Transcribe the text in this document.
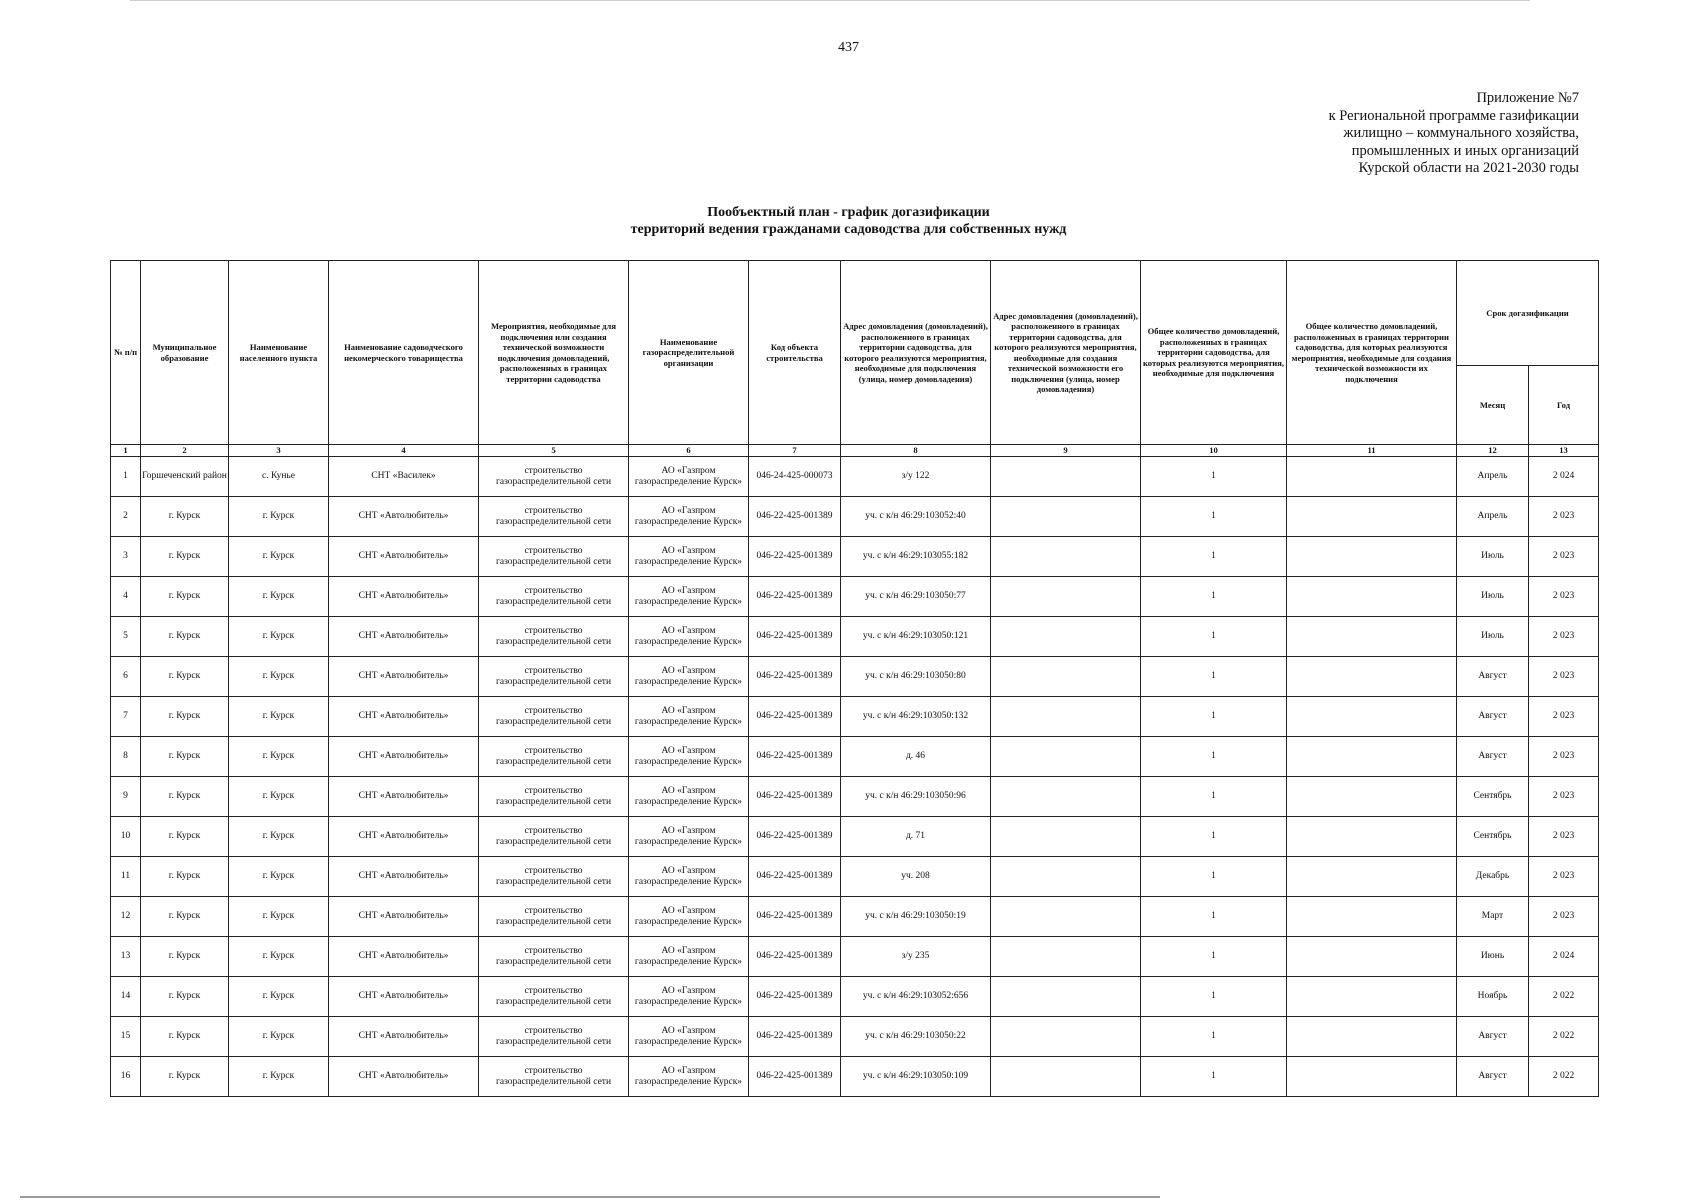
437
Приложение №7
к Региональной программе газификации
жилищно – коммунального хозяйства,
промышленных и иных организаций
Курской области на 2021-2030 годы
Пообъектный план - график догазификации
территорий ведения гражданами садоводства для собственных нужд
№ п/п	Муниципальное образование	Наименование населенного пункта	Наименование садоводческого некомерческого товарищества	Мероприятия, необходимые для подключения или создания технической возможности подключения домовладений, расположенных в границах территории садоводства	Наименование газораспределительной организации	Код объекта строительства	Адрес домовладения (домовладений), расположенного в границах территории садоводства, для которого реализуются мероприятия, необходимые для подключения (улица, номер домовладения)	Адрес домовладения (домовладений), расположенного в границах территории садоводства, для которого реализуются мероприятия, необходимые для создания технической возможности его подключения (улица, номер домовладения)	Общее количество домовладений, расположенных в границах территории садоводства, для которых реализуются мероприятия, необходимые для подключения	Общее количество домовладений, расположенных в границах территории садоводства, для которых реализуются мероприятия, необходимые для создания технической возможности их подключения	Срок догазификации	
											Месяц	Год
1	2	3	4	5	6	7	8	9	10	11	12	13
1	Горшеченский район	с. Кунье	СНТ «Василек»	строительство газораспределительной сети	АО «Газпром газораспределение Курск»	046-24-425-000073	з/у 122		1		Апрель	2 024
2	г. Курск	г. Курск	СНТ «Автолюбитель»	строительство газораспределительной сети	АО «Газпром газораспределение Курск»	046-22-425-001389	уч. с к/н 46:29:103052:40		1		Апрель	2 023
3	г. Курск	г. Курск	СНТ «Автолюбитель»	строительство газораспределительной сети	АО «Газпром газораспределение Курск»	046-22-425-001389	уч. с к/н 46:29:103055:182		1		Июль	2 023
4	г. Курск	г. Курск	СНТ «Автолюбитель»	строительство газораспределительной сети	АО «Газпром газораспределение Курск»	046-22-425-001389	уч. с к/н 46:29:103050:77		1		Июль	2 023
5	г. Курск	г. Курск	СНТ «Автолюбитель»	строительство газораспределительной сети	АО «Газпром газораспределение Курск»	046-22-425-001389	уч. с к/н 46:29:103050:121		1		Июль	2 023
6	г. Курск	г. Курск	СНТ «Автолюбитель»	строительство газораспределительной сети	АО «Газпром газораспределение Курск»	046-22-425-001389	уч. с к/н 46:29:103050:80		1		Август	2 023
7	г. Курск	г. Курск	СНТ «Автолюбитель»	строительство газораспределительной сети	АО «Газпром газораспределение Курск»	046-22-425-001389	уч. с к/н 46:29:103050:132		1		Август	2 023
8	г. Курск	г. Курск	СНТ «Автолюбитель»	строительство газораспределительной сети	АО «Газпром газораспределение Курск»	046-22-425-001389	д. 46		1		Август	2 023
9	г. Курск	г. Курск	СНТ «Автолюбитель»	строительство газораспределительной сети	АО «Газпром газораспределение Курск»	046-22-425-001389	уч. с к/н 46:29:103050:96		1		Сентябрь	2 023
10	г. Курск	г. Курск	СНТ «Автолюбитель»	строительство газораспределительной сети	АО «Газпром газораспределение Курск»	046-22-425-001389	д. 71		1		Сентябрь	2 023
11	г. Курск	г. Курск	СНТ «Автолюбитель»	строительство газораспределительной сети	АО «Газпром газораспределение Курск»	046-22-425-001389	уч. 208		1		Декабрь	2 023
12	г. Курск	г. Курск	СНТ «Автолюбитель»	строительство газораспределительной сети	АО «Газпром газораспределение Курск»	046-22-425-001389	уч. с к/н 46:29:103050:19		1		Март	2 023
13	г. Курск	г. Курск	СНТ «Автолюбитель»	строительство газораспределительной сети	АО «Газпром газораспределение Курск»	046-22-425-001389	з/у 235		1		Июнь	2 024
14	г. Курск	г. Курск	СНТ «Автолюбитель»	строительство газораспределительной сети	АО «Газпром газораспределение Курск»	046-22-425-001389	уч. с к/н 46:29:103052:656		1		Ноябрь	2 022
15	г. Курск	г. Курск	СНТ «Автолюбитель»	строительство газораспределительной сети	АО «Газпром газораспределение Курск»	046-22-425-001389	уч. с к/н 46:29:103050:22		1		Август	2 022
16	г. Курск	г. Курск	СНТ «Автолюбитель»	строительство газораспределительной сети	АО «Газпром газораспределение Курск»	046-22-425-001389	уч. с к/н 46:29:103050:109		1		Август	2 022
